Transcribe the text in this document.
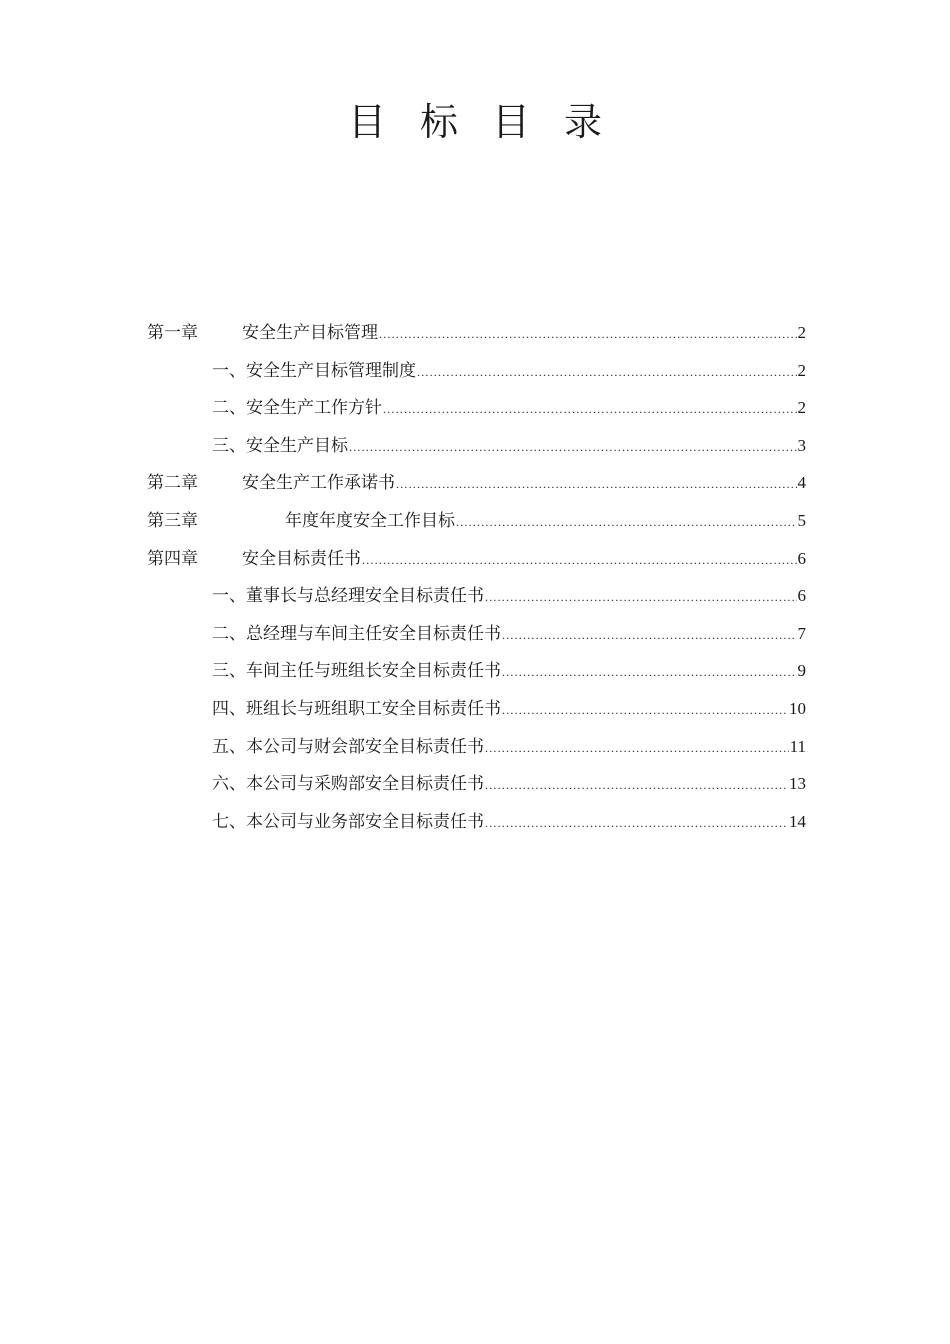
目 标 目 录
第一章	安全生产目标管理 .....	2
一、安全生产目标管理制度 .....	2
二、安全生产工作方针 .....	2
三、安全生产目标 .....	3
第二章	安全生产工作承诺书 .....	4
第三章	年度年度安全工作目标 .....	5
第四章	安全目标责任书 .....	6
一、董事长与总经理安全目标责任书 .....	6
二、总经理与车间主任安全目标责任书 .....	7
三、车间主任与班组长安全目标责任书 .....	9
四、班组长与班组职工安全目标责任书 .....	10
五、本公司与财会部安全目标责任书 .....	11
六、本公司与采购部安全目标责任书 .....	13
七、本公司与业务部安全目标责任书 .....	14
